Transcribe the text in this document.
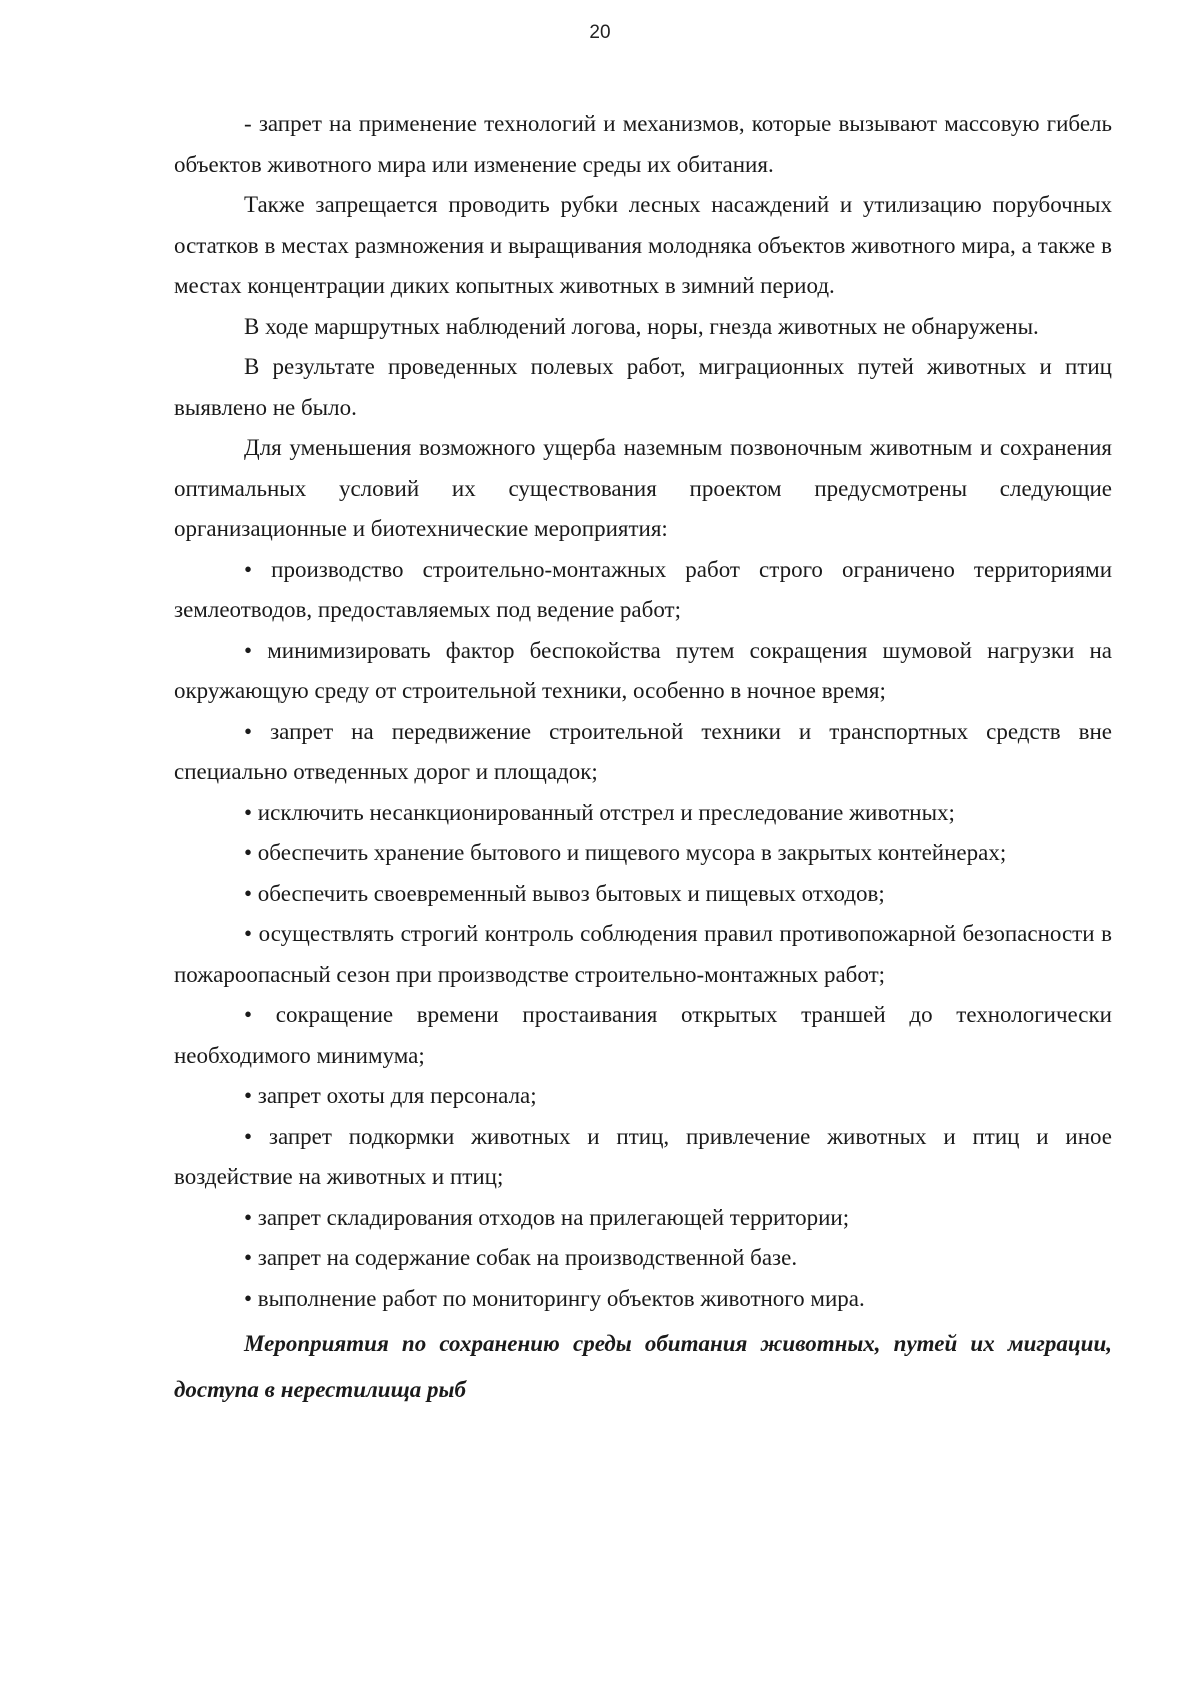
20

- запрет на применение технологий и механизмов, которые вызывают массовую гибель объектов животного мира или изменение среды их обитания.

Также запрещается проводить рубки лесных насаждений и утилизацию порубочных остатков в местах размножения и выращивания молодняка объектов животного мира, а также в местах концентрации диких копытных животных в зимний период.

В ходе маршрутных наблюдений логова, норы, гнезда животных не обнаружены.

В результате проведенных полевых работ, миграционных путей животных и птиц выявлено не было.

Для уменьшения возможного ущерба наземным позвоночным животным и сохранения оптимальных условий их существования проектом предусмотрены следующие организационные и биотехнические мероприятия:

• производство строительно-монтажных работ строго ограничено территориями землеотводов, предоставляемых под ведение работ;

• минимизировать фактор беспокойства путем сокращения шумовой нагрузки на окружающую среду от строительной техники, особенно в ночное время;

• запрет на передвижение строительной техники и транспортных средств вне специально отведенных дорог и площадок;

• исключить несанкционированный отстрел и преследование животных;

• обеспечить хранение бытового и пищевого мусора в закрытых контейнерах;

• обеспечить своевременный вывоз бытовых и пищевых отходов;

• осуществлять строгий контроль соблюдения правил противопожарной безопасности в пожароопасный сезон при производстве строительно-монтажных работ;

• сокращение времени простаивания открытых траншей до технологически необходимого минимума;

• запрет охоты для персонала;

• запрет подкормки животных и птиц, привлечение животных и птиц и иное воздействие на животных и птиц;

• запрет складирования отходов на прилегающей территории;

• запрет на содержание собак на производственной базе.

• выполнение работ по мониторингу объектов животного мира.

Мероприятия по сохранению среды обитания животных, путей их миграции, доступа в нерестилища рыб
